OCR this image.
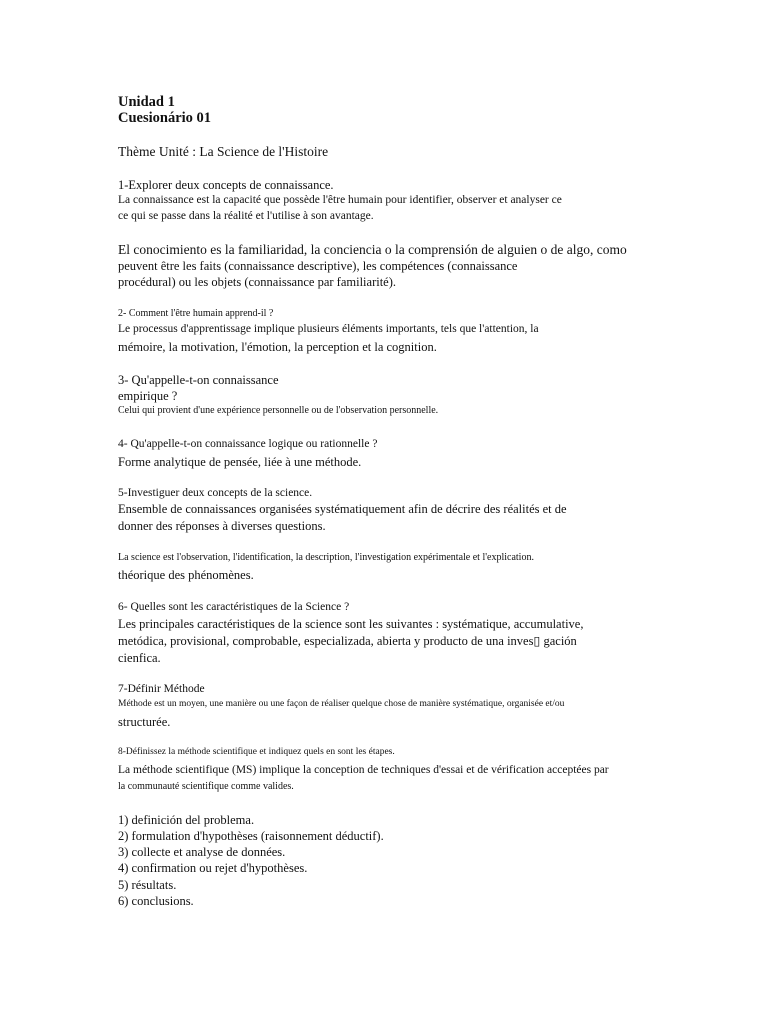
Unidad 1
Cuesionário 01
Thème Unité : La Science de l'Histoire
1-Explorer deux concepts de connaissance.
La connaissance est la capacité que possède l'être humain pour identifier, observer et analyser ce
ce qui se passe dans la réalité et l'utilise à son avantage.
El conocimiento es la familiaridad, la conciencia o la comprensión de alguien o de algo, como
peuvent être les faits (connaissance descriptive), les compétences (connaissance
procédural) ou les objets (connaissance par familiarité).
2- Comment l'être humain apprend-il ?
Le processus d'apprentissage implique plusieurs éléments importants, tels que l'attention, la
mémoire, la motivation, l'émotion, la perception et la cognition.
3- Qu'appelle-t-on connaissance
empirique ?
Celui qui provient d'une expérience personnelle ou de l'observation personnelle.
4- Qu'appelle-t-on connaissance logique ou rationnelle ?
Forme analytique de pensée, liée à une méthode.
5-Investiguer deux concepts de la science.
Ensemble de connaissances organisées systématiquement afin de décrire des réalités et de
donner des réponses à diverses questions.
La science est l'observation, l'identification, la description, l'investigation expérimentale et l'explication.
théorique des phénomènes.
6- Quelles sont les caractéristiques de la Science ?
Les principales caractéristiques de la science sont les suivantes : systématique, accumulative,
metódica, provisional, comprobable, especializada, abierta y producto de una inves▯ gación
cienfica.
7-Définir Méthode
Méthode est un moyen, une manière ou une façon de réaliser quelque chose de manière systématique, organisée et/ou
structurée.
8-Définissez la méthode scientifique et indiquez quels en sont les étapes.
La méthode scientifique (MS) implique la conception de techniques d'essai et de vérification acceptées par
la communauté scientifique comme valides.
1) definición del problema.
2) formulation d'hypothèses (raisonnement déductif).
3) collecte et analyse de données.
4) confirmation ou rejet d'hypothèses.
5) résultats.
6) conclusions.
